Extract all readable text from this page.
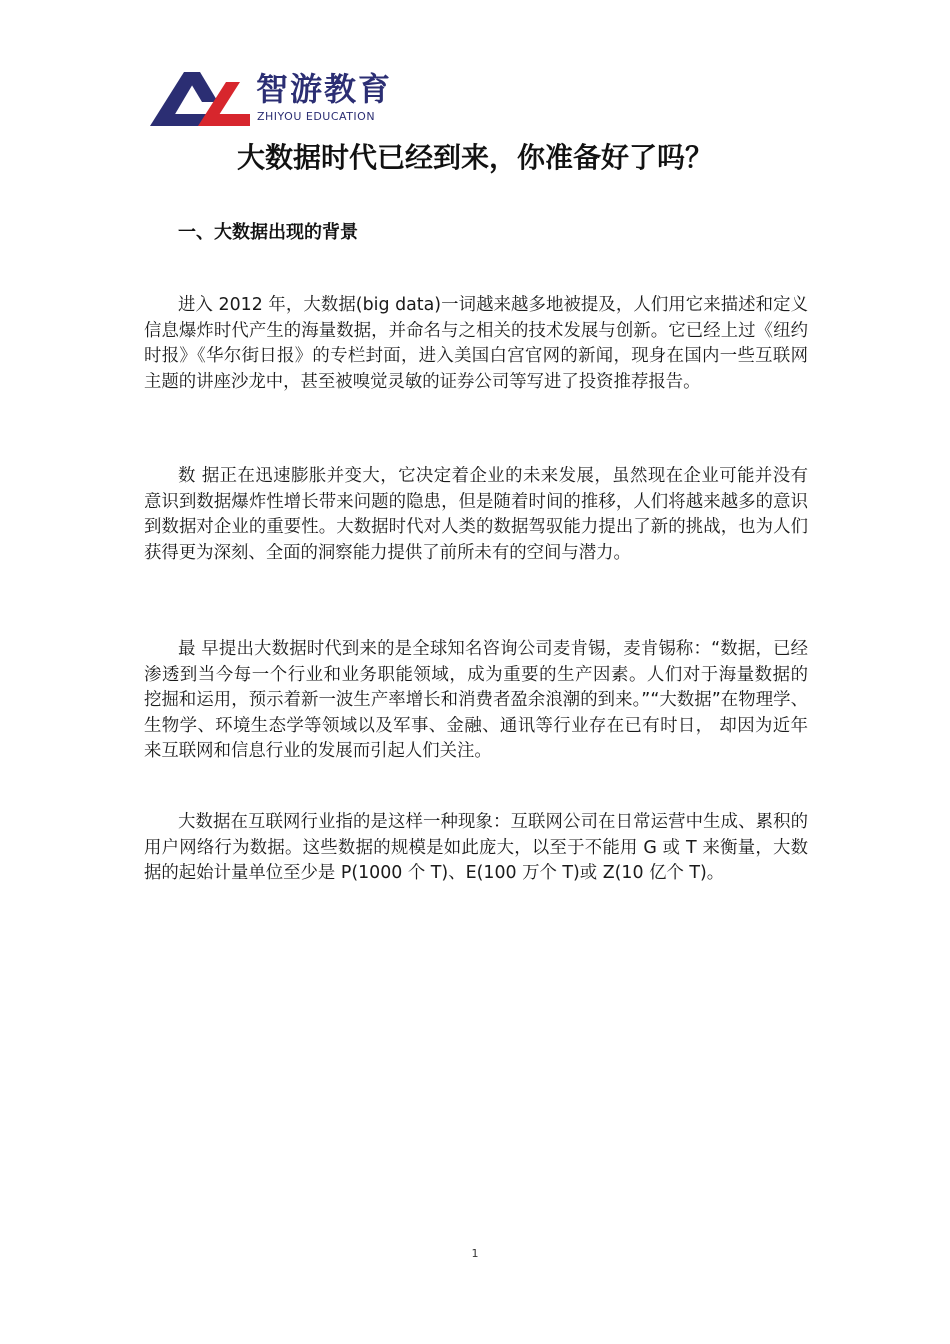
智游教育
ZHIYOU EDUCATION
大数据时代已经到来，你准备好了吗？
一、大数据出现的背景

进入 2012 年，大数据(big data)一词越来越多地被提及，人们用它来描述和定义信息爆炸时代产生的海量数据，并命名与之相关的技术发展与创新。它已经上过《纽约时报》《华尔街日报》的专栏封面，进入美国白宫官网的新闻，现身在国内一些互联网主题的讲座沙龙中，甚至被嗅觉灵敏的证券公司等写进了投资推荐报告。

数 据正在迅速膨胀并变大，它决定着企业的未来发展，虽然现在企业可能并没有意识到数据爆炸性增长带来问题的隐患，但是随着时间的推移，人们将越来越多的意识 到数据对企业的重要性。大数据时代对人类的数据驾驭能力提出了新的挑战，也为人们获得更为深刻、全面的洞察能力提供了前所未有的空间与潜力。

最 早提出大数据时代到来的是全球知名咨询公司麦肯锡，麦肯锡称：“数据，已经渗透到当今每一个行业和业务职能领域，成为重要的生产因素。人们对于海量数据的 挖掘和运用，预示着新一波生产率增长和消费者盈余浪潮的到来。”“大数据”在物理学、生物学、环境生态学等领域以及军事、金融、通讯等行业存在已有时日， 却因为近年来互联网和信息行业的发展而引起人们关注。

大数据在互联网行业指的是这样一种现象：互联网公司在日常运营中生成、累积的用户网络行为数据。这些数据的规模是如此庞大，以至于不能用 G 或 T 来衡量，大数据的起始计量单位至少是 P(1000 个 T)、E(100 万个 T)或 Z(10 亿个 T)。

1
